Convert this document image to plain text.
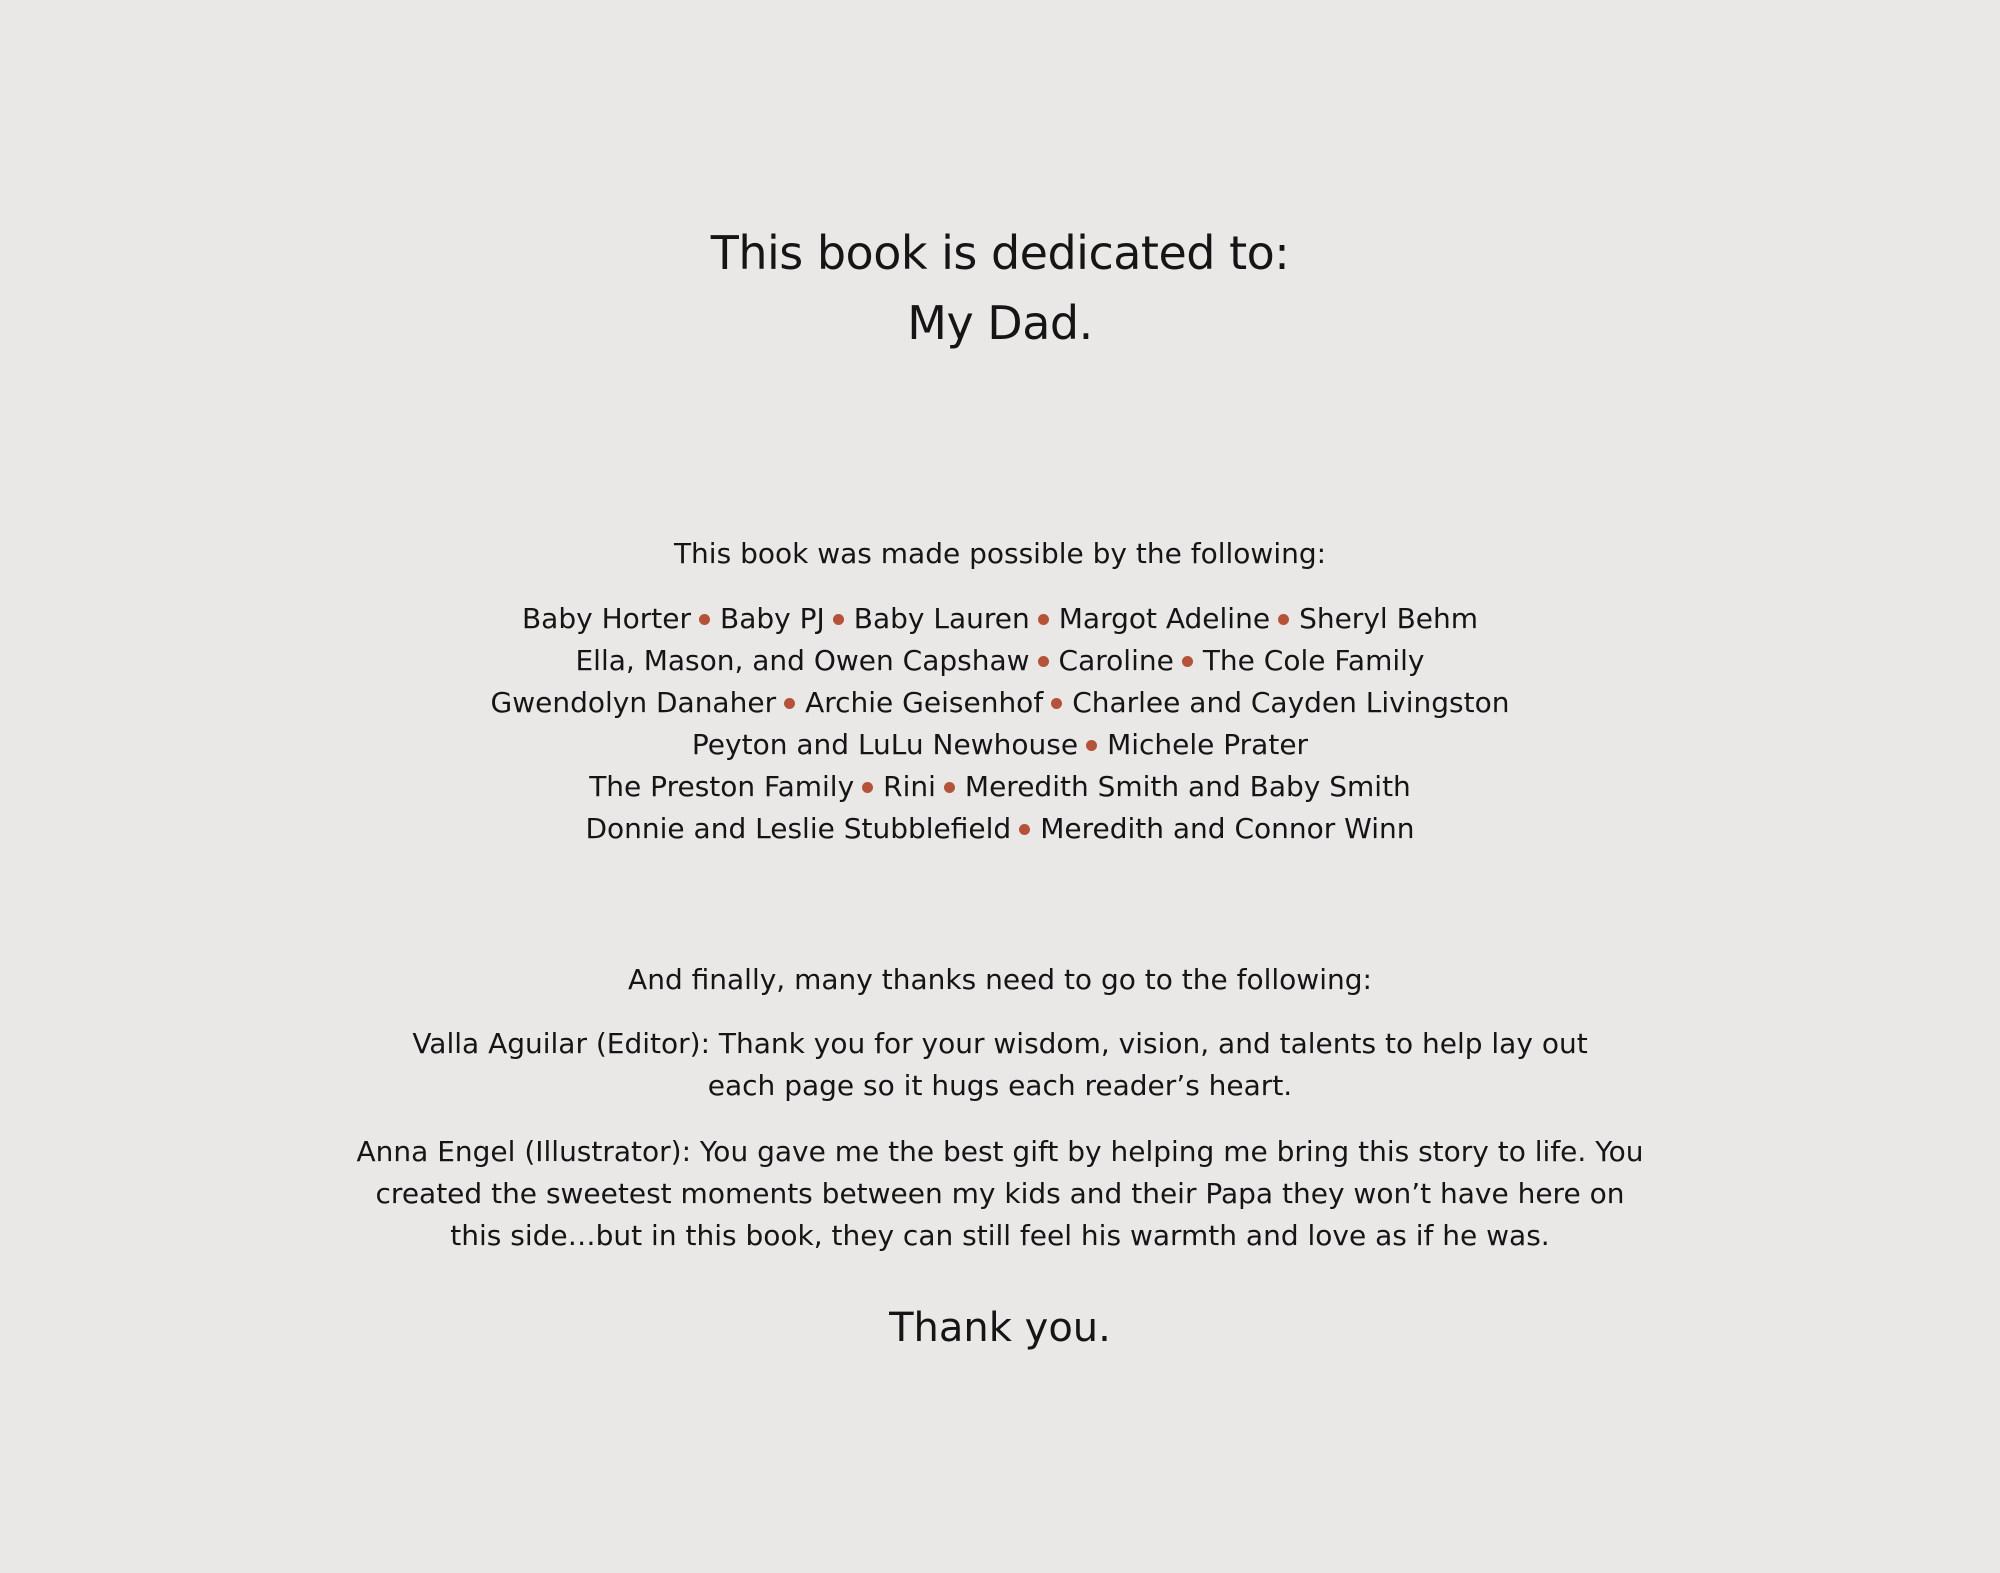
This book is dedicated to:
My Dad.
This book was made possible by the following:
Baby Horter Baby PJ Baby Lauren Margot Adeline Sheryl Behm
Ella, Mason, and Owen Capshaw Caroline The Cole Family
Gwendolyn Danaher Archie Geisenhof Charlee and Cayden Livingston
Peyton and LuLu Newhouse Michele Prater
The Preston Family Rini Meredith Smith and Baby Smith
Donnie and Leslie Stubblefield Meredith and Connor Winn
And finally, many thanks need to go to the following:
Valla Aguilar (Editor): Thank you for your wisdom, vision, and talents to help lay out
each page so it hugs each reader’s heart.
Anna Engel (Illustrator): You gave me the best gift by helping me bring this story to life. You
created the sweetest moments between my kids and their Papa they won’t have here on
this side…but in this book, they can still feel his warmth and love as if he was.
Thank you.
